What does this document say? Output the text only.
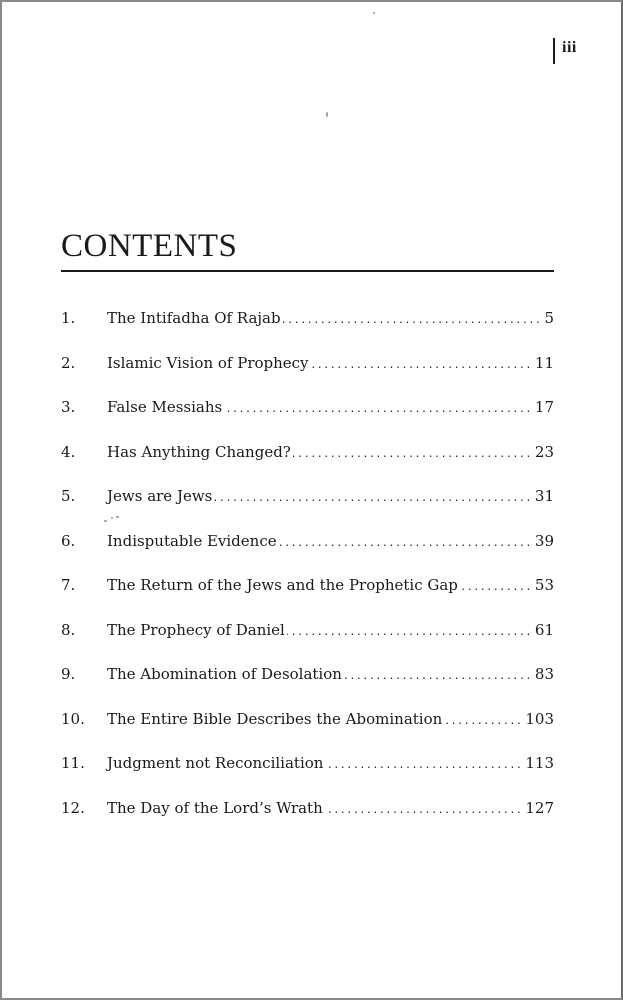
iii
CONTENTS
1.	The Intifadha Of Rajab .....	5
2.	Islamic Vision of Prophecy .....	11
3.	False Messiahs .....	17
4.	Has Anything Changed? .....	23
5.	Jews are Jews .....	31
6.	Indisputable Evidence .....	39
7.	The Return of the Jews and the Prophetic Gap .....	53
8.	The Prophecy of Daniel .....	61
9.	The Abomination of Desolation .....	83
10.	The Entire Bible Describes the Abomination .....	103
11.	Judgment not Reconciliation .....	113
12.	The Day of the Lord’s Wrath .....	127
